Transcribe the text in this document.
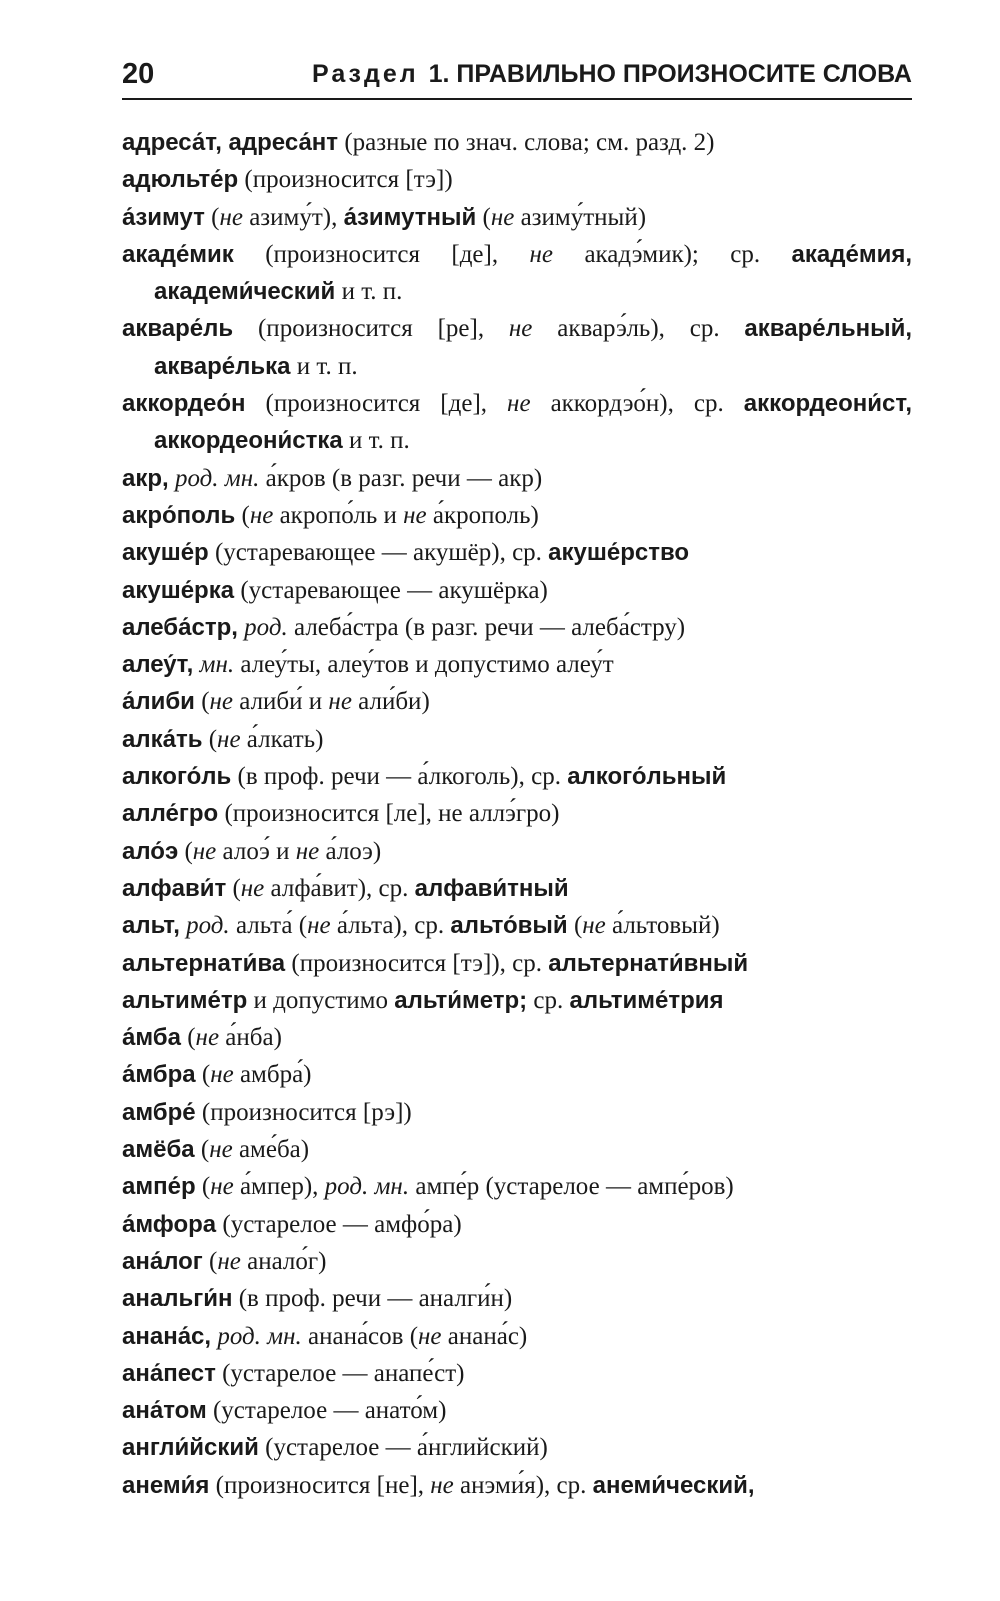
20	Раздел 1. ПРАВИЛЬНО ПРОИЗНОСИТЕ СЛОВА
адреса́т, адреса́нт (разные по знач. слова; см. разд. 2)
адюльте́р (произносится [тэ])
а́зимут (не азиму́т), а́зимутный (не азиму́тный)
акаде́мик (произносится [де], не акадэ́мик); ср. акаде́мия, академи́ческий и т. п.
акваре́ль (произносится [ре], не акварэ́ль), ср. акваре́льный, акваре́лька и т. п.
аккордео́н (произносится [де], не аккордэо́н), ср. аккордеони́ст, аккордеони́стка и т. п.
акр, род. мн. а́кров (в разг. речи — акр)
акро́поль (не акропо́ль и не а́крополь)
акуше́р (устаревающее — акушёр), ср. акуше́рство
акуше́рка (устаревающее — акушёрка)
алеба́стр, род. алеба́стра (в разг. речи — алеба́стру)
алеу́т, мн. алеу́ты, алеу́тов и допустимо алеу́т
а́либи (не алиби́ и не али́би)
алка́ть (не а́лкать)
алкого́ль (в проф. речи — а́лкоголь), ср. алкого́льный
алле́гро (произносится [ле], не аллэ́гро)
ало́э (не алоэ́ и не а́лоэ)
алфави́т (не алфа́вит), ср. алфави́тный
альт, род. альта́ (не а́льта), ср. альто́вый (не а́льтовый)
альтернати́ва (произносится [тэ]), ср. альтернати́вный
альтиме́тр и допустимо альти́метр; ср. альтиме́трия
а́мба (не а́нба)
а́мбра (не амбра́)
амбре́ (произносится [рэ])
амёба (не аме́ба)
ампе́р (не а́мпер), род. мн. ампе́р (устарелое — ампе́ров)
а́мфора (устарелое — амфо́ра)
ана́лог (не анало́г)
анальги́н (в проф. речи — аналги́н)
анана́с, род. мн. анана́сов (не анана́с)
ана́пест (устарелое — анапе́ст)
ана́том (устарелое — анато́м)
англи́йский (устарелое — а́нглийский)
анеми́я (произносится [не], не анэми́я), ср. анеми́ческий,
